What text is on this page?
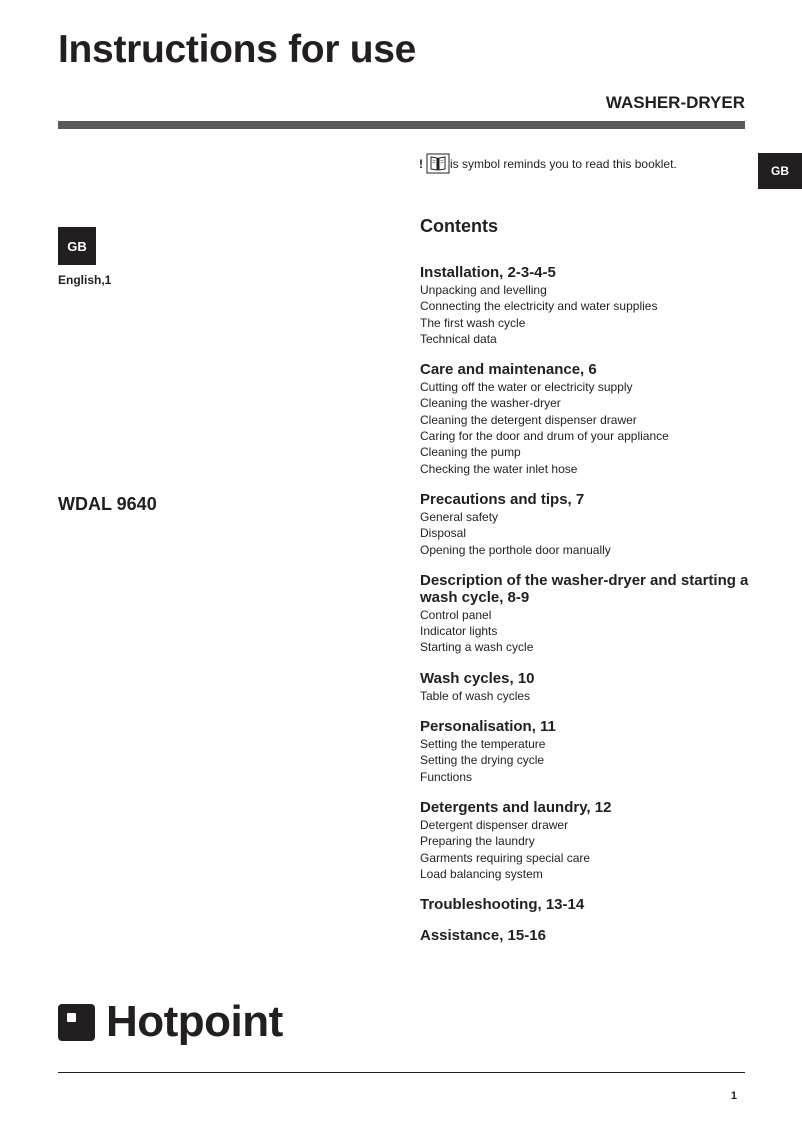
Instructions for use
WASHER-DRYER
GB
GB
English,1
WDAL 9640
! is symbol reminds you to read this booklet.
Contents
Installation, 2-3-4-5
Unpacking and levelling
Connecting the electricity and water supplies
The first wash cycle
Technical data
Care and maintenance, 6
Cutting off the water or electricity supply
Cleaning the washer-dryer
Cleaning the detergent dispenser drawer
Caring for the door and drum of your appliance
Cleaning the pump
Checking the water inlet hose
Precautions and tips, 7
General safety
Disposal
Opening the porthole door manually
Description of the washer-dryer and starting a wash cycle, 8-9
Control panel
Indicator lights
Starting a wash cycle
Wash cycles, 10
Table of wash cycles
Personalisation, 11
Setting the temperature
Setting the drying cycle
Functions
Detergents and laundry, 12
Detergent dispenser drawer
Preparing the laundry
Garments requiring special care
Load balancing system
Troubleshooting, 13-14
Assistance, 15-16
Hotpoint
1
